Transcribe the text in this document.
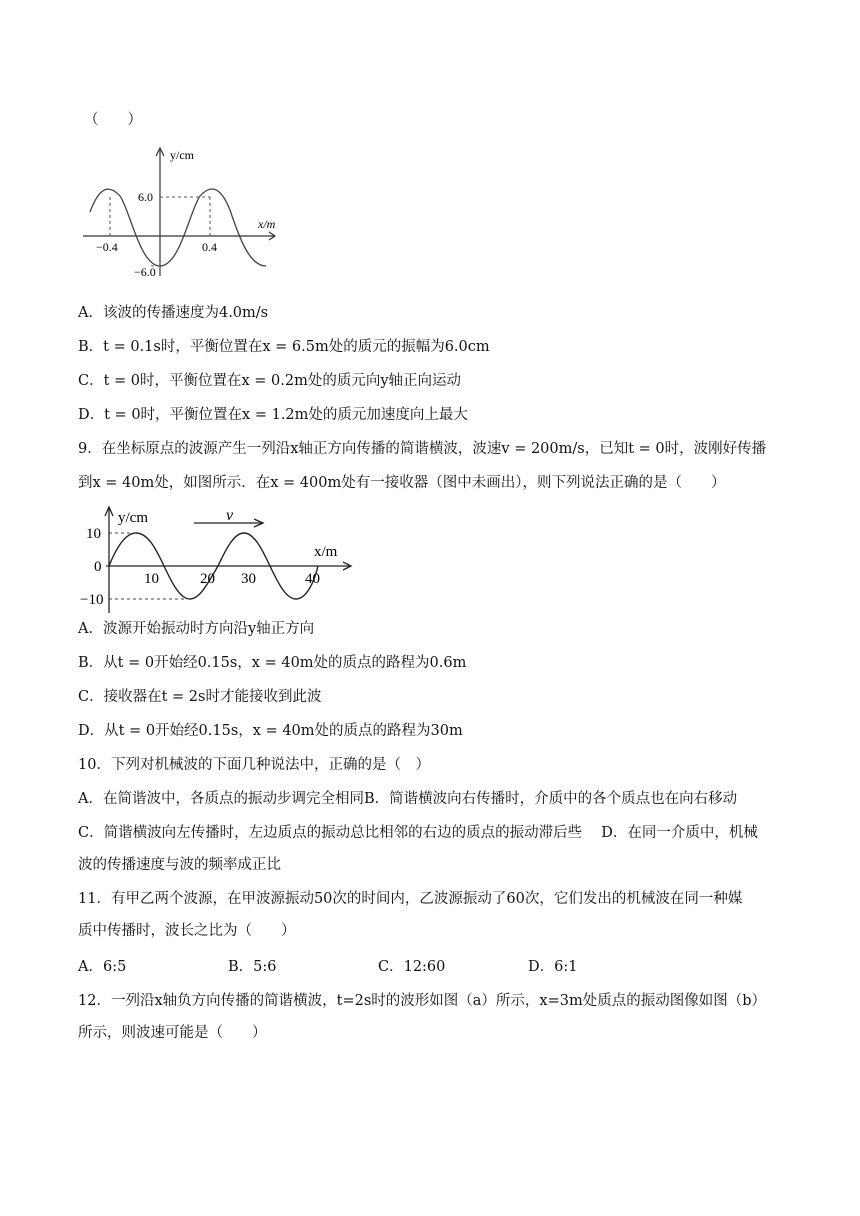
（　　）
y/cm
x/m
6.0
−6.0
−0.4	0.4
A．该波的传播速度为4.0m/s
B．t = 0.1s时，平衡位置在x = 6.5m处的质元的振幅为6.0cm
C．t = 0时，平衡位置在x = 0.2m处的质元向y轴正向运动
D．t = 0时，平衡位置在x = 1.2m处的质元加速度向上最大
9．在坐标原点的波源产生一列沿x轴正方向传播的简谐横波，波速v = 200m/s，已知t = 0时，波刚好传播
到x = 40m处，如图所示．在x = 400m处有一接收器（图中未画出），则下列说法正确的是（　　）
y/cm
x/m
v
10
0
−10
10	20 30	40
A．波源开始振动时方向沿y轴正方向
B．从t = 0开始经0.15s，x = 40m处的质点的路程为0.6m
C．接收器在t = 2s时才能接收到此波
D．从t = 0开始经0.15s，x = 40m处的质点的路程为30m
10．下列对机械波的下面几种说法中，正确的是（　）
A．在简谐波中，各质点的振动步调完全相同B．简谐横波向右传播时，介质中的各个质点也在向右移动
C．简谐横波向左传播时，左边质点的振动总比相邻的右边的质点的振动滞后些　 D．在同一介质中，机械
波的传播速度与波的频率成正比
11．有甲乙两个波源，在甲波源振动50次的时间内，乙波源振动了60次，它们发出的机械波在同一种媒
质中传播时，波长之比为（　　）
A．6:5	B．5:6	C．12:60	D．6:1
12．一列沿x轴负方向传播的简谐横波，t=2s时的波形如图（a）所示，x=3m处质点的振动图像如图（b）
所示，则波速可能是（　　）
